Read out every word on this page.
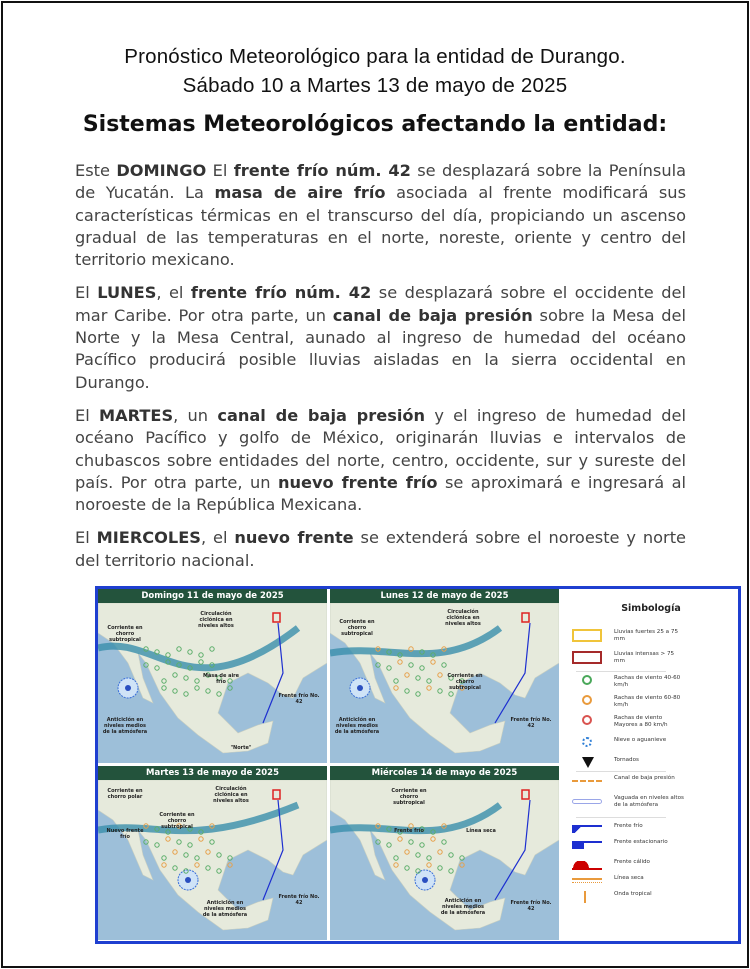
Pronóstico Meteorológico para la entidad de Durango.
Sábado 10 a Martes 13 de mayo de 2025
Sistemas Meteorológicos afectando la entidad:

Este DOMINGO El frente frío núm. 42 se desplazará sobre la Península de Yucatán. La masa de aire frío asociada al frente modificará sus características térmicas en el transcurso del día, propiciando un ascenso gradual de las temperaturas en el norte, noreste, oriente y centro del territorio mexicano.

El LUNES, el frente frío núm. 42 se desplazará sobre el occidente del mar Caribe. Por otra parte, un canal de baja presión sobre la Mesa del Norte y la Mesa Central, aunado al ingreso de humedad del océano Pacífico producirá posible lluvias aisladas en la sierra occidental en Durango.

El MARTES, un canal de baja presión y el ingreso de humedad del océano Pacífico y golfo de México, originarán lluvias e intervalos de chubascos sobre entidades del norte, centro, occidente, sur y sureste del país. Por otra parte, un nuevo frente frío se aproximará e ingresará al noroeste de la República Mexicana.

El MIERCOLES, el nuevo frente se extenderá sobre el noroeste y norte del territorio nacional.

Domingo 11 de mayo de 2025
Circulación ciclónica en niveles altos
Corriente en chorro subtropical
Masa de aire frío
Frente frío No. 42
Anticiclón en niveles medios de la atmósfera
"Norte"
Lunes 12 de mayo de 2025
Circulación ciclónica en niveles altos
Corriente en chorro subtropical
Corriente en chorro subtropical
Frente frío No. 42
Anticiclón en niveles medios de la atmósfera
Martes 13 de mayo de 2025
Circulación ciclónica en niveles altos
Corriente en chorro subtropical
Nuevo frente frío
Corriente en chorro polar
Frente frío No. 42
Anticiclón en niveles medios de la atmósfera
Miércoles 14 de mayo de 2025
Corriente en chorro subtropical
Frente frío	Línea seca
Frente frío No. 42
Anticiclón en niveles medios de la atmósfera
Simbología
Lluvias fuertes 25 a 75 mm
Lluvias intensas > 75 mm
Rachas de viento 40-60 km/h
Rachas de viento 60-80 km/h
Rachas de viento Mayores a 80 km/h
Nieve o aguanieve
Tornados
Canal de baja presión
Vaguada en niveles altos de la atmósfera
Frente frío
Frente estacionario
Frente cálido
Línea seca
Onda tropical
